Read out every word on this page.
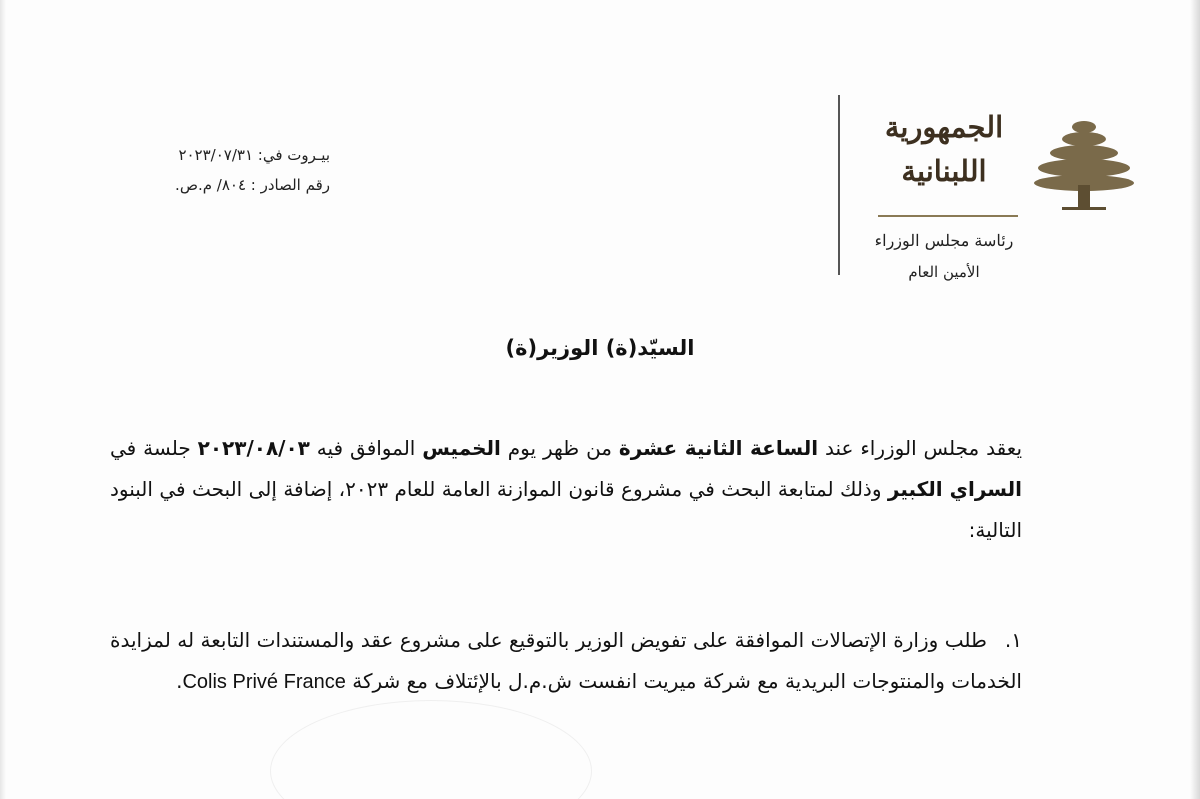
الجمهورية
اللبنانية
رئاسة مجلس الوزراء
الأمين العام
بيـروت في: ٢٠٢٣/٠٧/٣١
رقم الصادر : ٨٠٤/ م.ص.
السيّد(ة) الوزير(ة)
يعقد مجلس الوزراء عند الساعة الثانية عشرة من ظهر يوم الخميس الموافق فيه ٢٠٢٣/٠٨/٠٣ جلسة في السراي الكبير وذلك لمتابعة البحث في مشروع قانون الموازنة العامة للعام ٢٠٢٣، إضافة إلى البحث في البنود التالية:
١.طلب وزارة الإتصالات الموافقة على تفويض الوزير بالتوقيع على مشروع عقد والمستندات التابعة له لمزايدة الخدمات والمنتوجات البريدية مع شركة ميريت انفست ش.م.ل بالإئتلاف مع شركة Colis Privé France.
